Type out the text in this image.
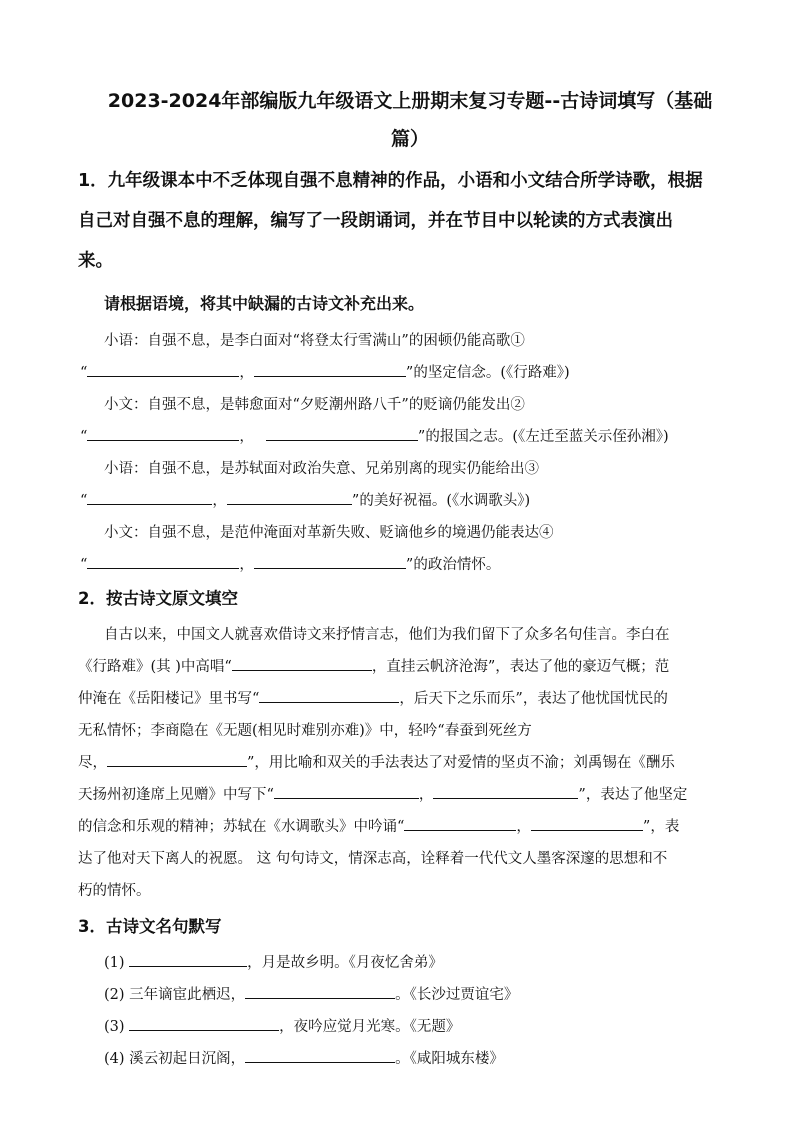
2023-2024年部编版九年级语文上册期末复习专题--古诗词填写（基础
篇）
1．九年级课本中不乏体现自强不息精神的作品，小语和小文结合所学诗歌，根据
自己对自强不息的理解，编写了一段朗诵词，并在节目中以轮读的方式表演出
来。
请根据语境，将其中缺漏的古诗文补充出来。
小语：自强不息，是李白面对“将登太行雪满山”的困顿仍能高歌①
“	，	”的坚定信念。(《行路难》)
小文：自强不息，是韩愈面对“夕贬潮州路八千”的贬谪仍能发出②
“	，	”的报国之志。(《左迁至蓝关示侄孙湘》)
小语：自强不息，是苏轼面对政治失意、兄弟别离的现实仍能给出③
“	，	”的美好祝福。(《水调歌头》)
小文：自强不息，是范仲淹面对革新失败、贬谪他乡的境遇仍能表达④
“	，	”的政治情怀。
2．按古诗文原文填空
自古以来，中国文人就喜欢借诗文来抒情言志，他们为我们留下了众多名句佳言。李白在
《行路难》(其 )中高唱“	，直挂云帆济沧海”，表达了他的豪迈气概；范
仲淹在《岳阳楼记》里书写“	，后天下之乐而乐”，表达了他忧国忧民的
无私情怀；李商隐在《无题(相见时难别亦难)》中，轻吟“春蚕到死丝方
尽，	”，用比喻和双关的手法表达了对爱情的坚贞不渝；刘禹锡在《酬乐
天扬州初逢席上见赠》中写下“	，	”，表达了他坚定
的信念和乐观的精神；苏轼在《水调歌头》中吟诵“	，	”，表
达了他对天下离人的祝愿。 这 句句诗文，情深志高，诠释着一代代文人墨客深邃的思想和不
朽的情怀。
3．古诗文名句默写
(1)	，月是故乡明。《月夜忆舍弟》
(2) 三年谪宦此栖迟，	。《长沙过贾谊宅》
(3)	，夜吟应觉月光寒。《无题》
(4) 溪云初起日沉阁，	。《咸阳城东楼》
